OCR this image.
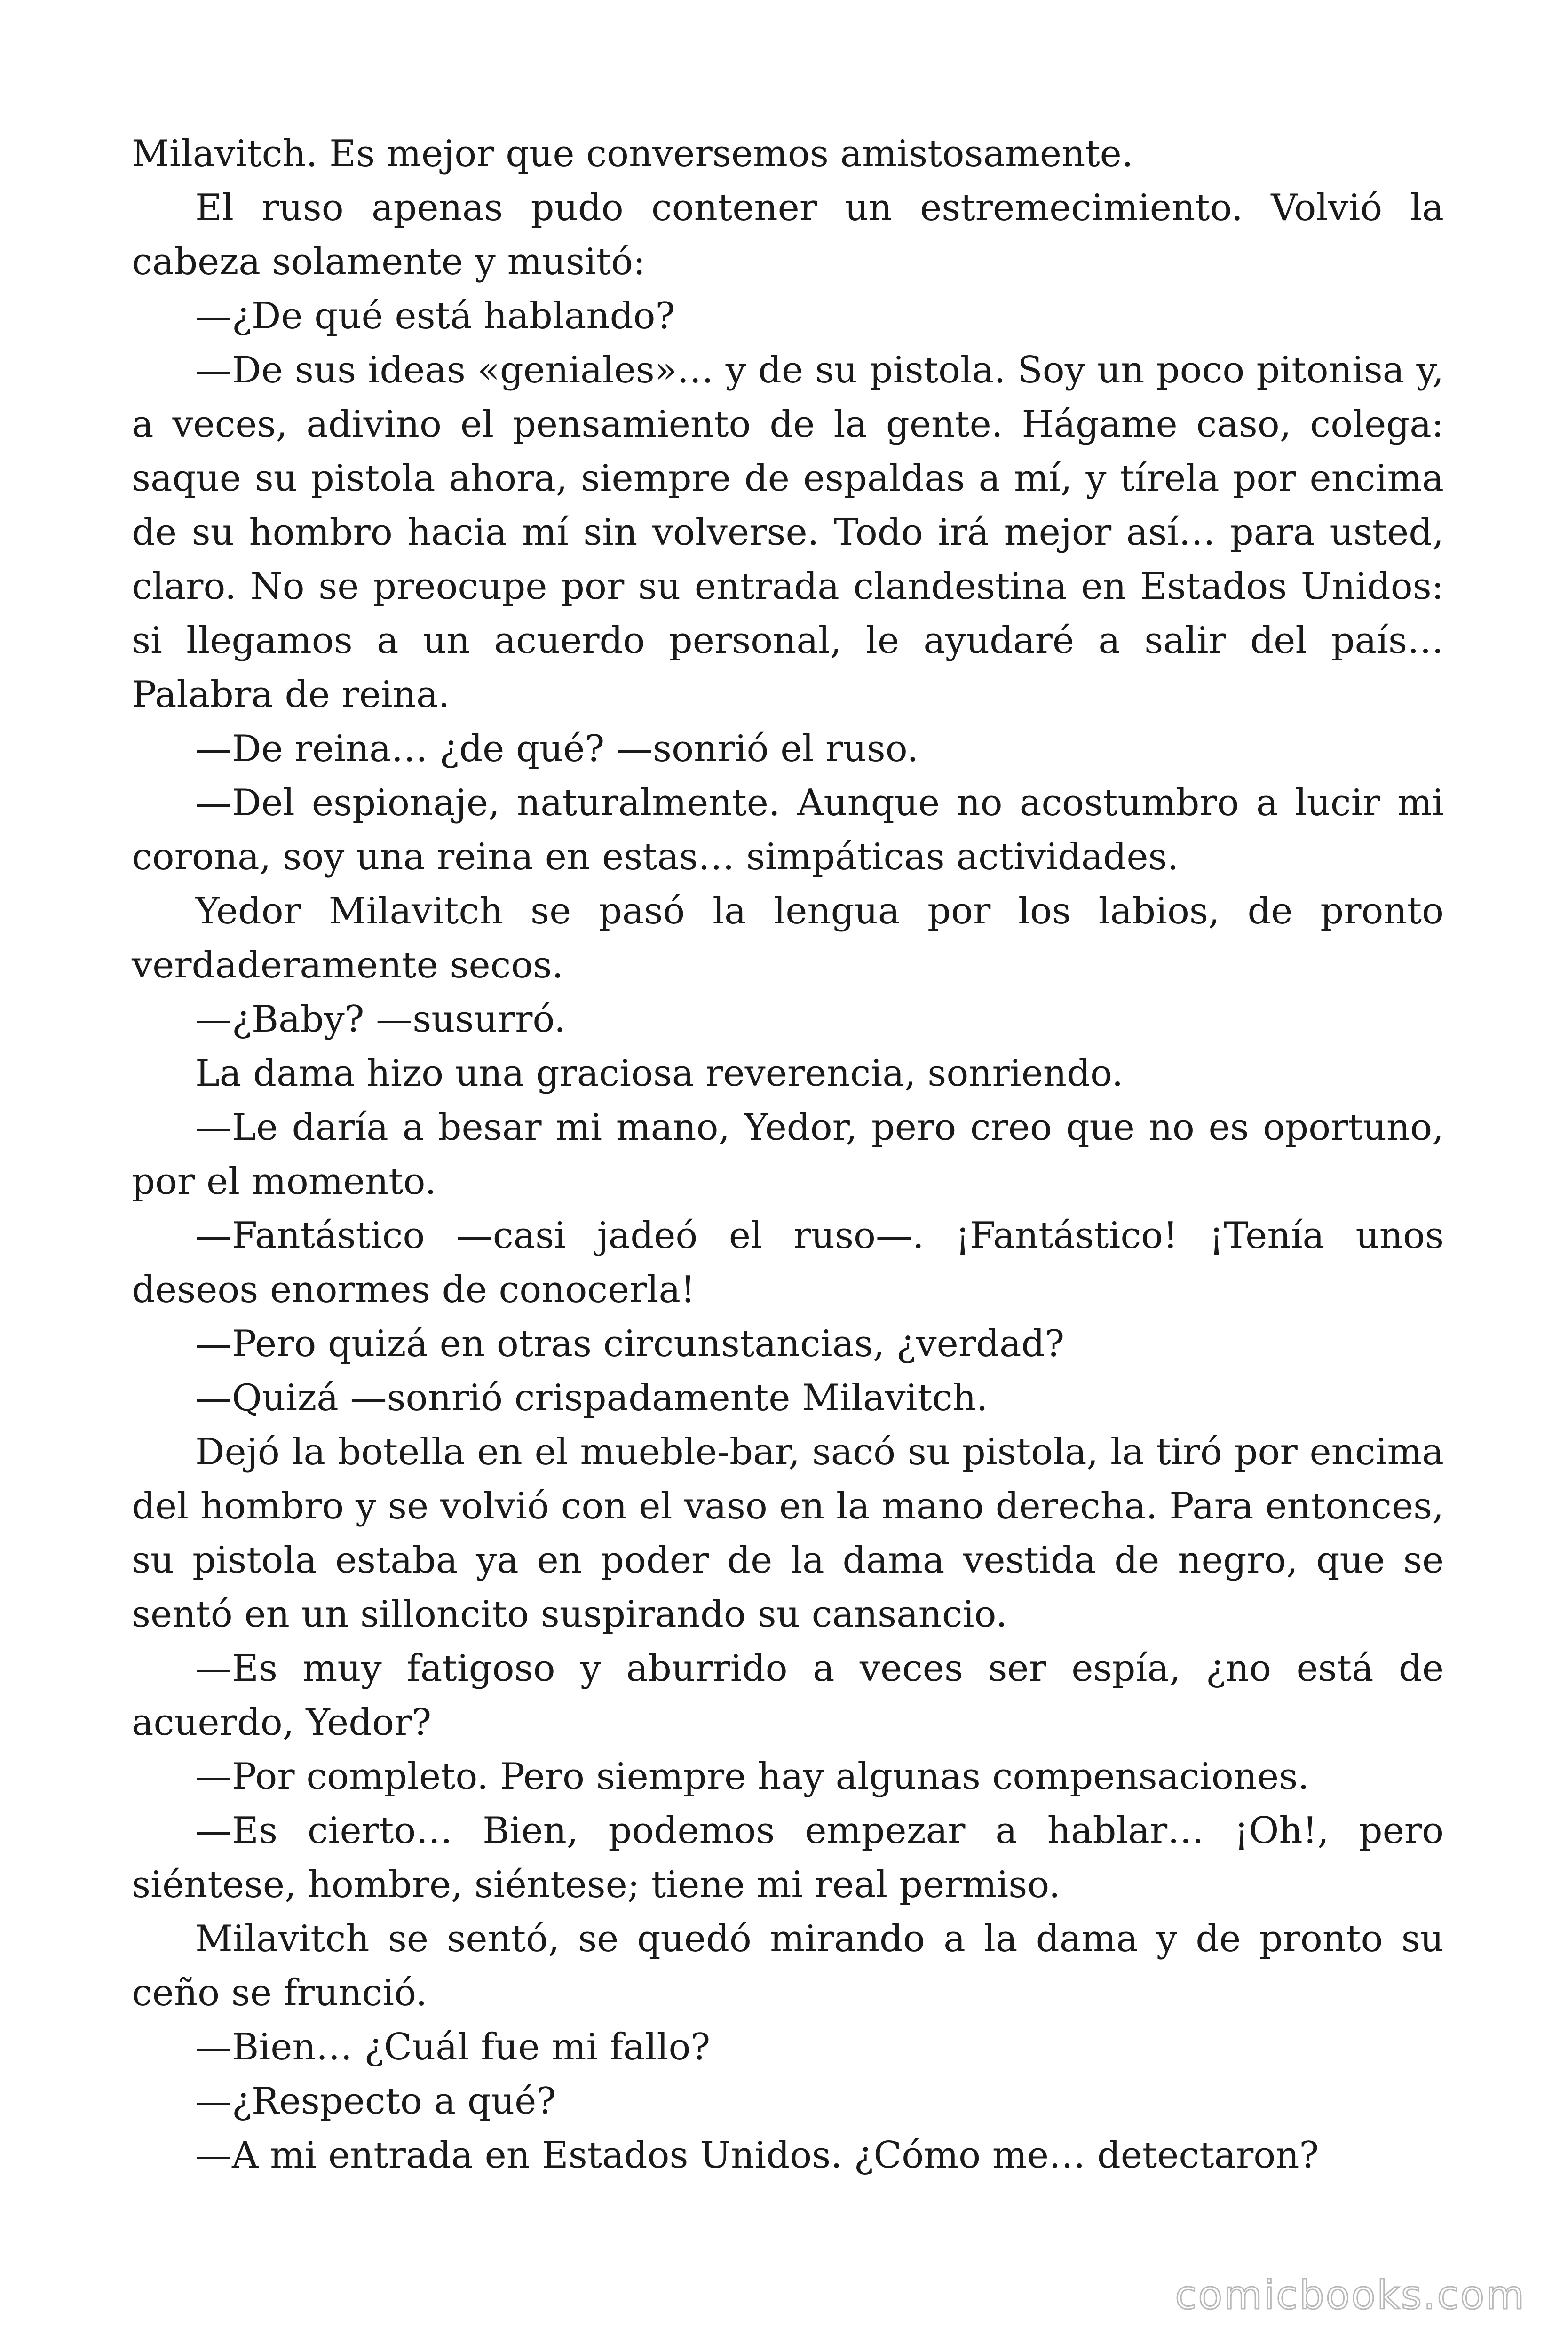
Milavitch. Es mejor que conversemos amistosamente.

El ruso apenas pudo contener un estremecimiento. Volvió la cabeza solamente y musitó:

—¿De qué está hablando?

—De sus ideas «geniales»… y de su pistola. Soy un poco pitonisa y, a veces, adivino el pensamiento de la gente. Hágame caso, colega: saque su pistola ahora, siempre de espaldas a mí, y tírela por encima de su hombro hacia mí sin volverse. Todo irá mejor así… para usted, claro. No se preocupe por su entrada clandestina en Estados Unidos: si llegamos a un acuerdo personal, le ayudaré a salir del país… Palabra de reina.

—De reina… ¿de qué? —sonrió el ruso.

—Del espionaje, naturalmente. Aunque no acostumbro a lucir mi corona, soy una reina en estas… simpáticas actividades.

Yedor Milavitch se pasó la lengua por los labios, de pronto verdaderamente secos.

—¿Baby? —susurró.

La dama hizo una graciosa reverencia, sonriendo.

—Le daría a besar mi mano, Yedor, pero creo que no es oportuno, por el momento.

—Fantástico —casi jadeó el ruso—. ¡Fantástico! ¡Tenía unos deseos enormes de conocerla!

—Pero quizá en otras circunstancias, ¿verdad?

—Quizá —sonrió crispadamente Milavitch.

Dejó la botella en el mueble-bar, sacó su pistola, la tiró por encima del hombro y se volvió con el vaso en la mano derecha. Para entonces, su pistola estaba ya en poder de la dama vestida de negro, que se sentó en un silloncito suspirando su cansancio.

—Es muy fatigoso y aburrido a veces ser espía, ¿no está de acuerdo, Yedor?

—Por completo. Pero siempre hay algunas compensaciones.

—Es cierto… Bien, podemos empezar a hablar… ¡Oh!, pero siéntese, hombre, siéntese; tiene mi real permiso.

Milavitch se sentó, se quedó mirando a la dama y de pronto su ceño se frunció.

—Bien… ¿Cuál fue mi fallo?

—¿Respecto a qué?

—A mi entrada en Estados Unidos. ¿Cómo me… detectaron?

comicbooks.com
